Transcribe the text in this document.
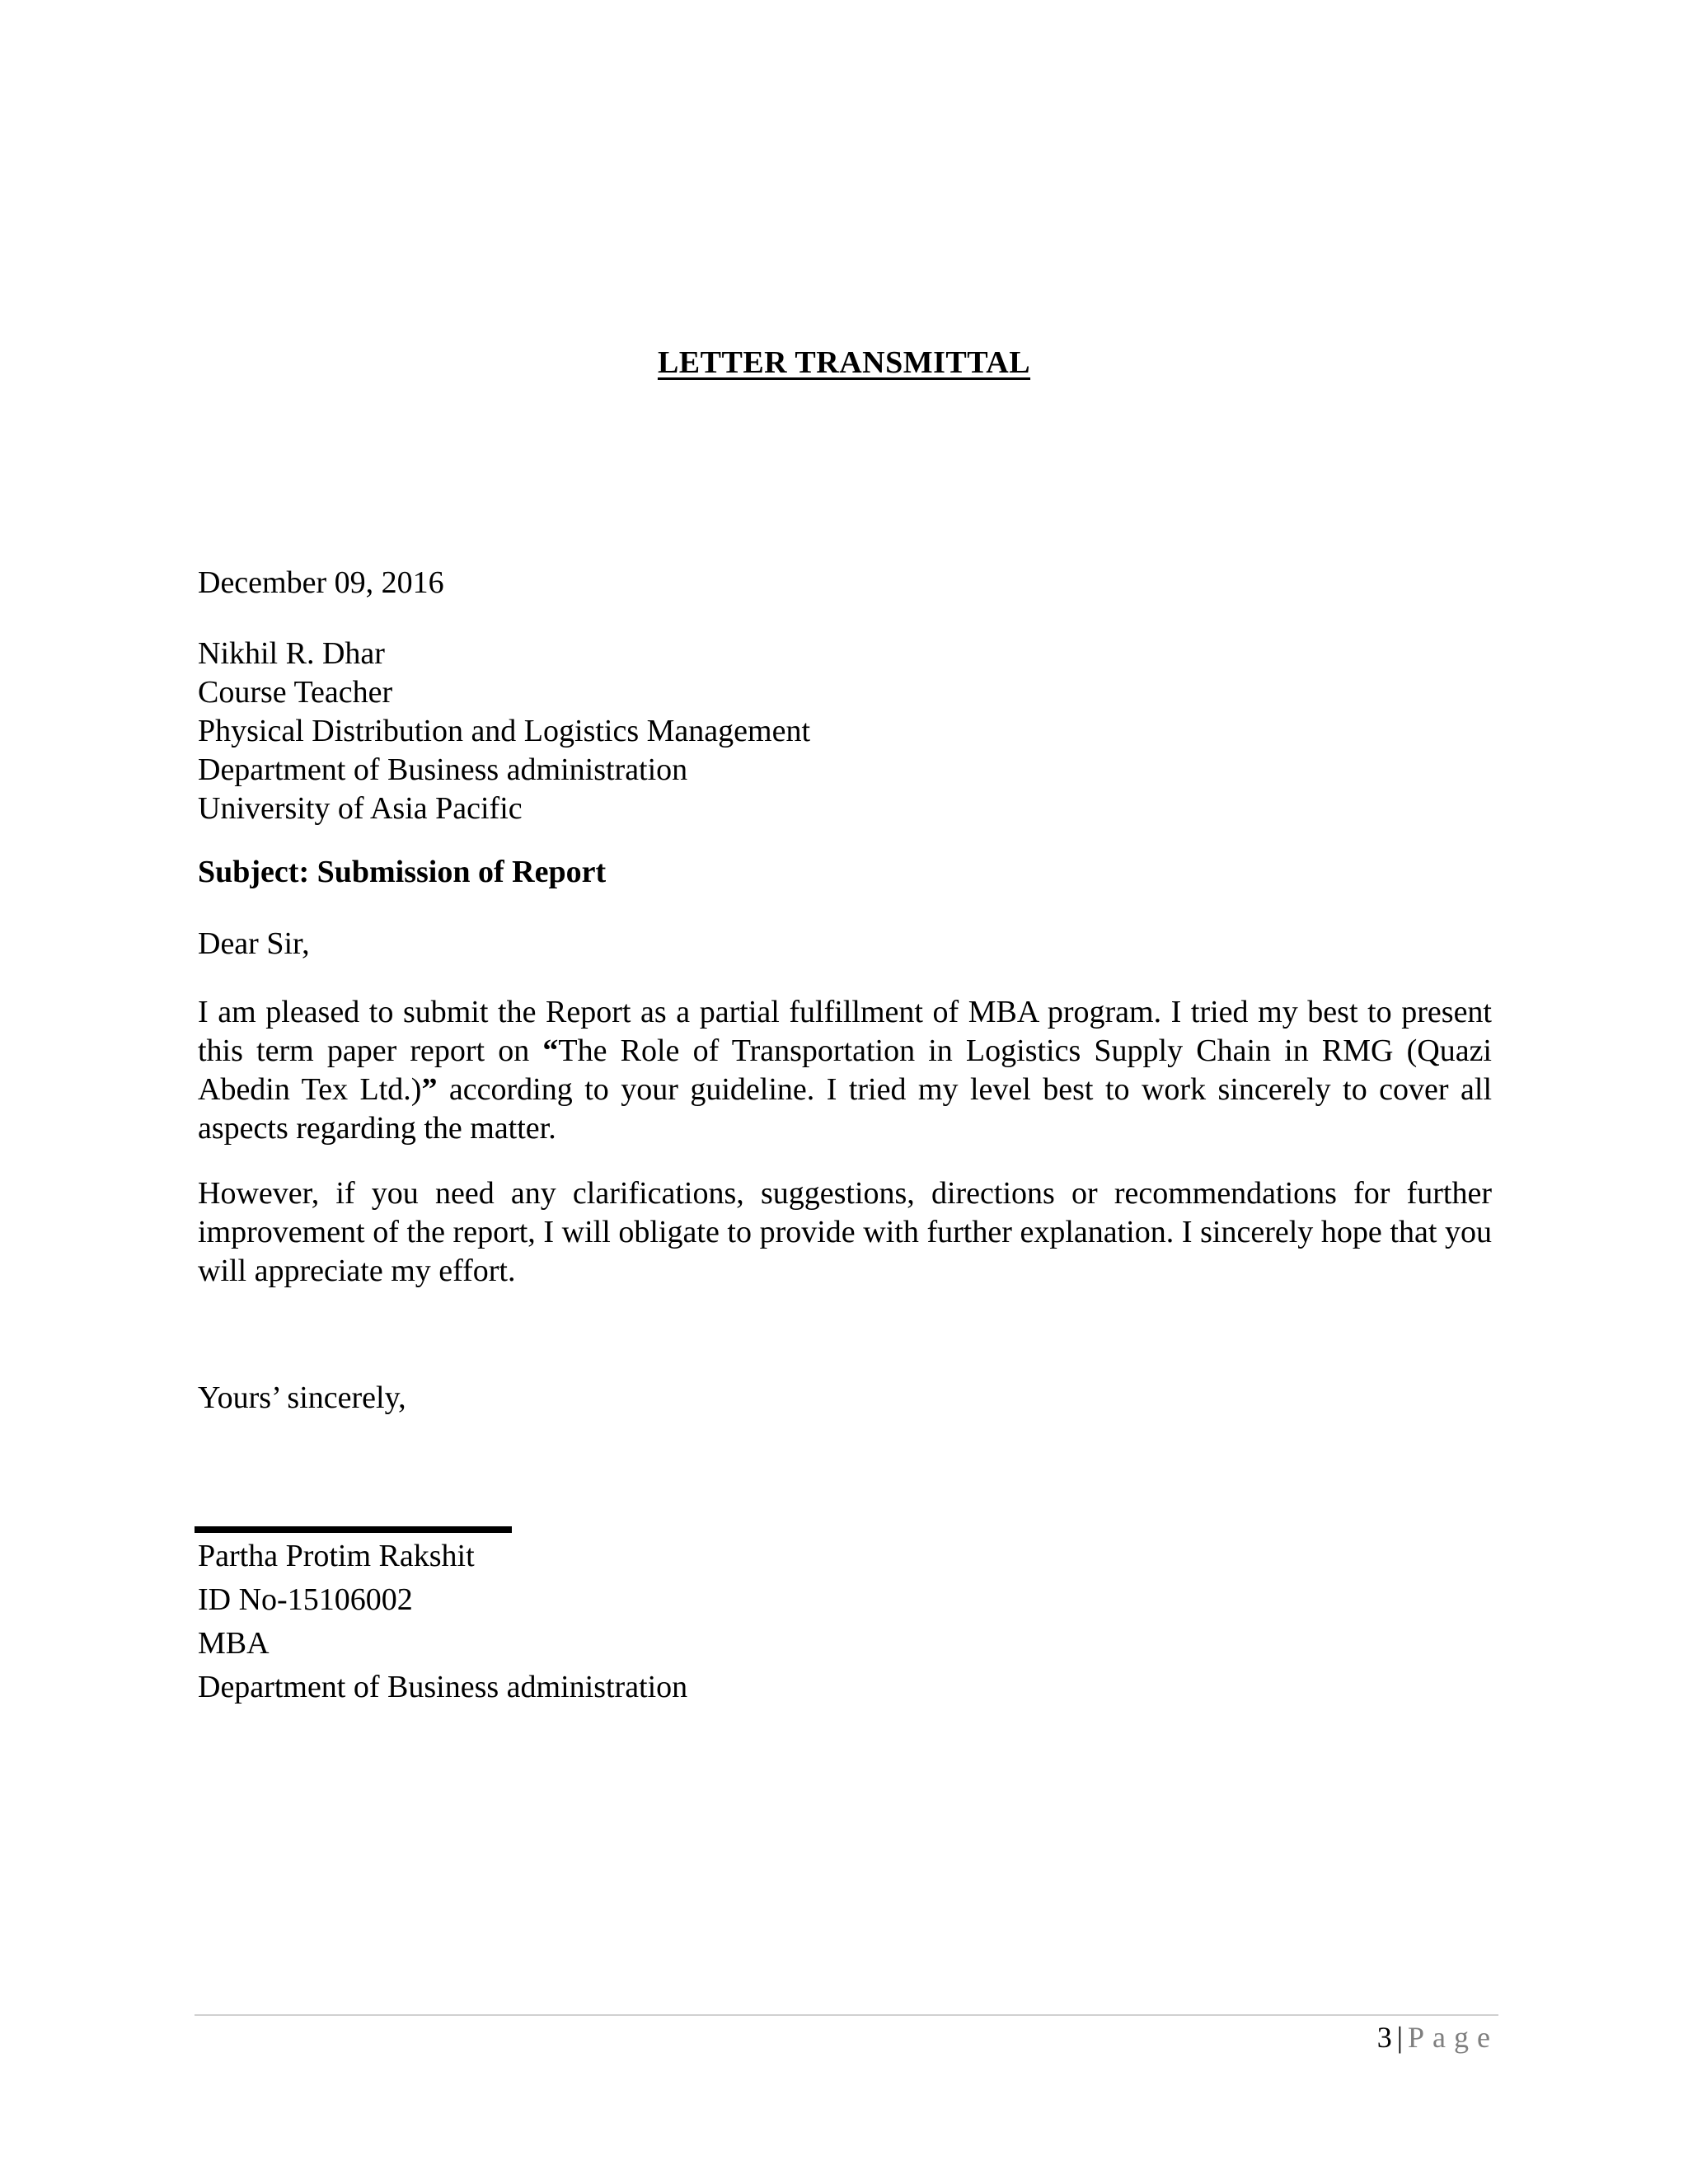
LETTER TRANSMITTAL
December 09, 2016
Nikhil R. Dhar
Course Teacher
Physical Distribution and Logistics Management
Department of Business administration
University of Asia Pacific
Subject: Submission of Report
Dear Sir,
I am pleased to submit the Report as a partial fulfillment of MBA program. I tried my best to present this term paper report on “The Role of Transportation in Logistics Supply Chain in RMG (Quazi Abedin Tex Ltd.)” according to your guideline. I tried my level best to work sincerely to cover all aspects regarding the matter.
However, if you need any clarifications, suggestions, directions or recommendations for further improvement of the report, I will obligate to provide with further explanation. I sincerely hope that you will appreciate my effort.
Yours’ sincerely,
Partha Protim Rakshit
ID No-15106002
MBA
Department of Business administration
3 | Page
